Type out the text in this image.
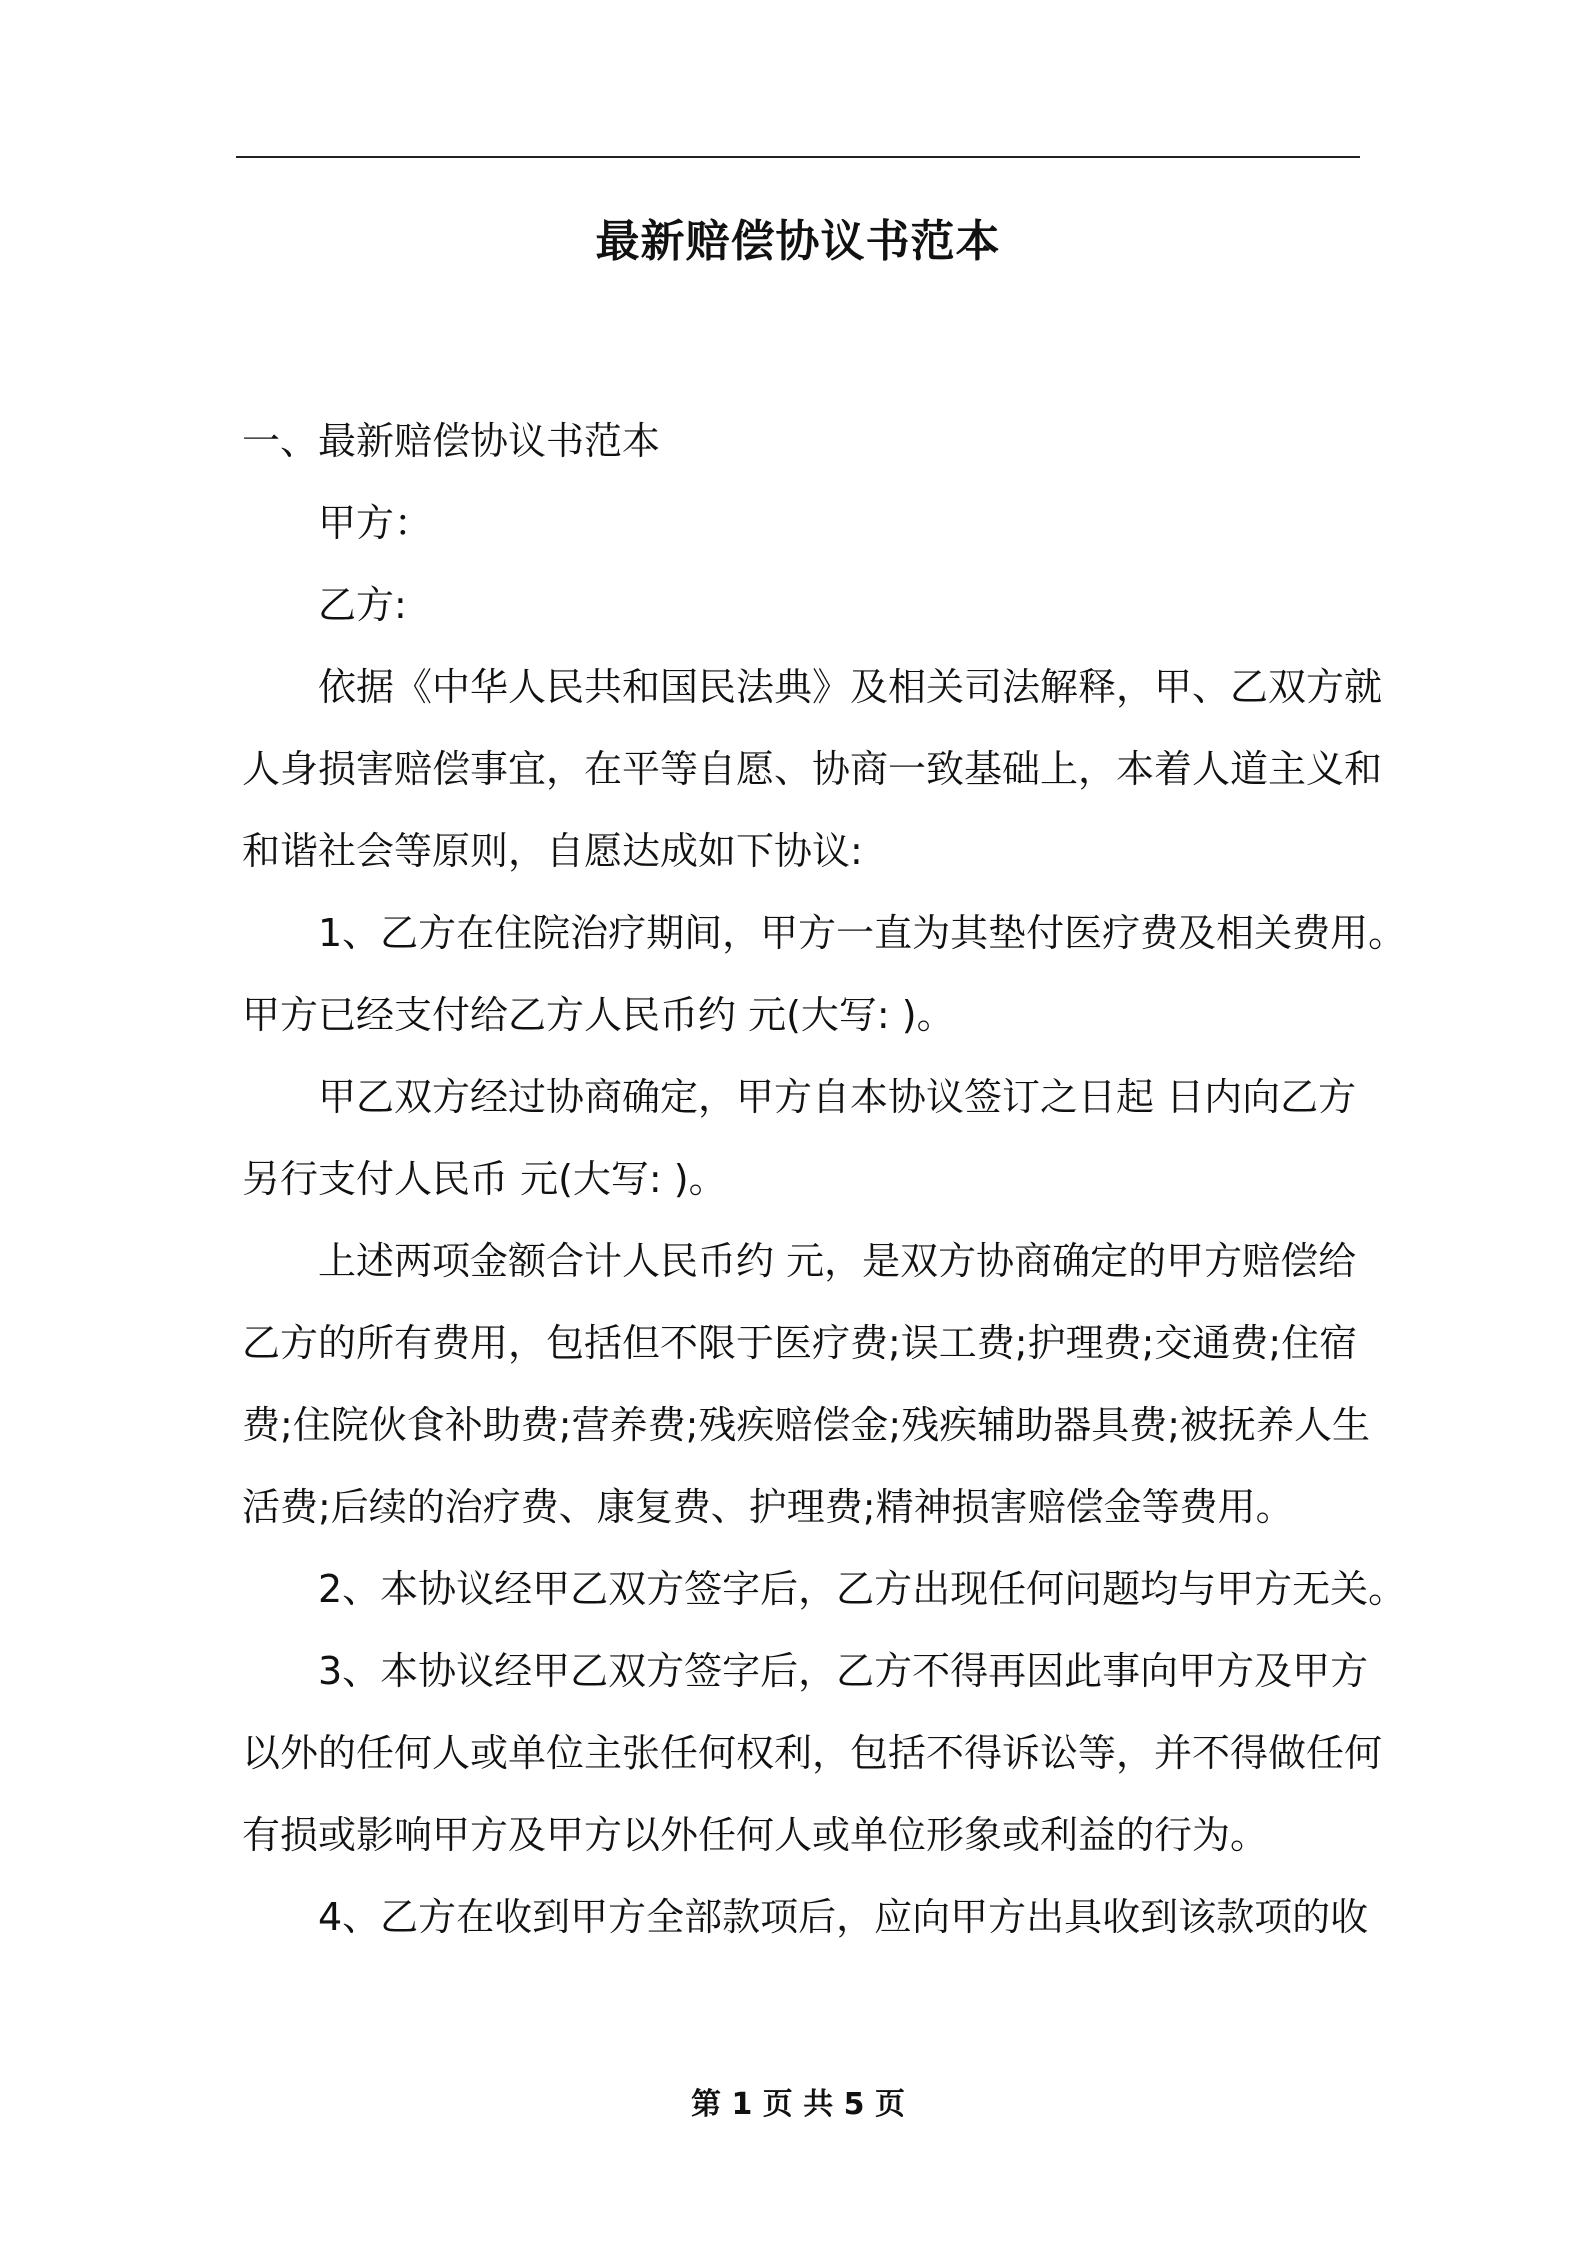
最新赔偿协议书范本
一、最新赔偿协议书范本
甲方：
乙方:
依据《中华人民共和国民法典》及相关司法解释，甲、乙双方就
人身损害赔偿事宜，在平等自愿、协商一致基础上，本着人道主义和
和谐社会等原则，自愿达成如下协议:
1、乙方在住院治疗期间，甲方一直为其垫付医疗费及相关费用。
甲方已经支付给乙方人民币约 元(大写: )。
甲乙双方经过协商确定，甲方自本协议签订之日起 日内向乙方
另行支付人民币 元(大写: )。
上述两项金额合计人民币约 元，是双方协商确定的甲方赔偿给
乙方的所有费用，包括但不限于医疗费;误工费;护理费;交通费;住宿
费;住院伙食补助费;营养费;残疾赔偿金;残疾辅助器具费;被抚养人生
活费;后续的治疗费、康复费、护理费;精神损害赔偿金等费用。
2、本协议经甲乙双方签字后，乙方出现任何问题均与甲方无关。
3、本协议经甲乙双方签字后，乙方不得再因此事向甲方及甲方
以外的任何人或单位主张任何权利，包括不得诉讼等，并不得做任何
有损或影响甲方及甲方以外任何人或单位形象或利益的行为。
4、乙方在收到甲方全部款项后，应向甲方出具收到该款项的收
第 1 页 共 5 页
